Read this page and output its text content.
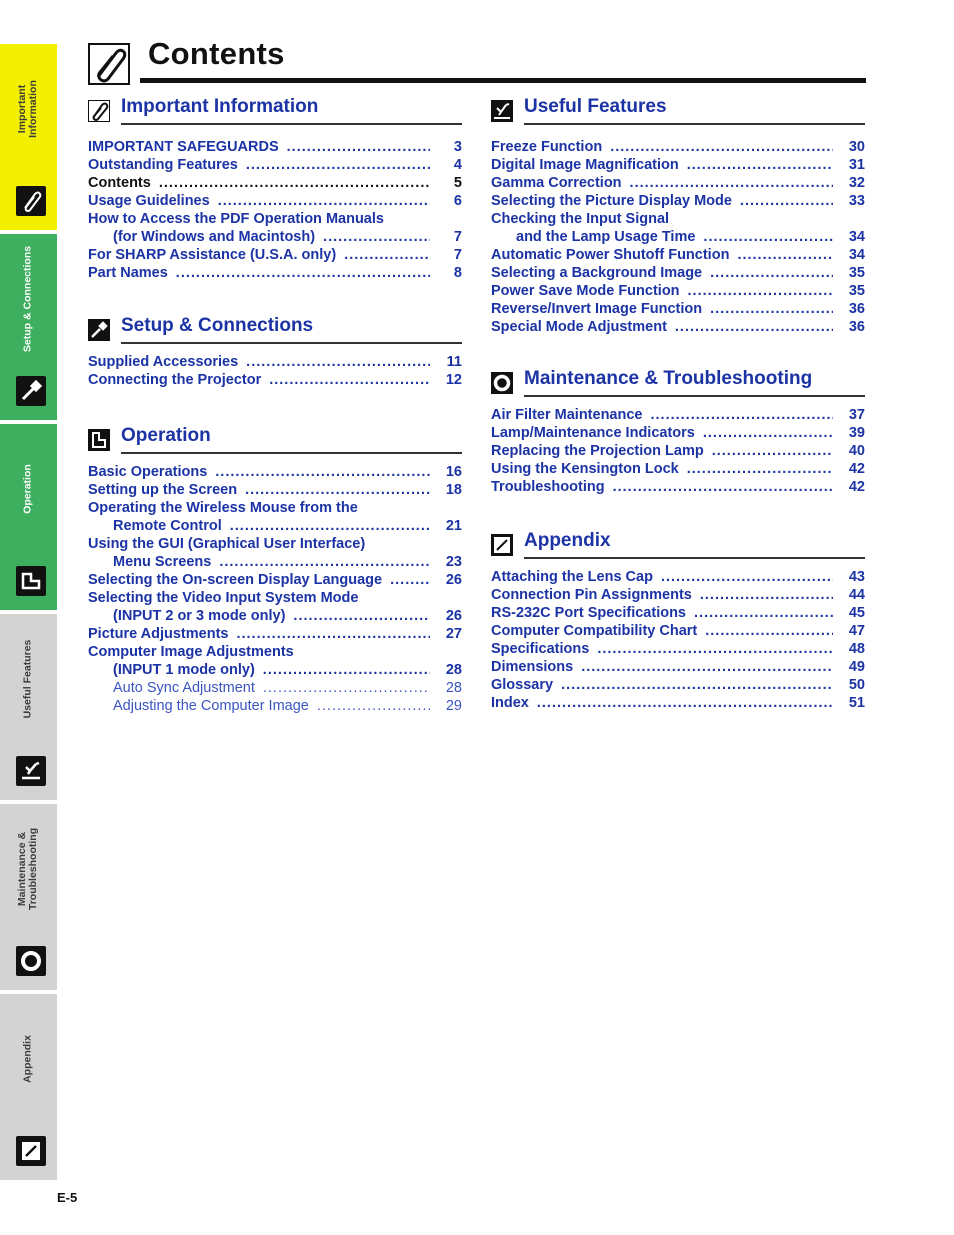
Important
Information
Setup & Connections
Operation
Useful Features
Maintenance &
Troubleshooting
Appendix
Contents
Important Information
IMPORTANT SAFEGUARDS .....	3
Outstanding Features .....	4
Contents .....	5
Usage Guidelines .....	6
How to Access the PDF Operation Manuals
(for Windows and Macintosh) .....	7
For SHARP Assistance (U.S.A. only) .....	7
Part Names .....	8
Setup & Connections
Supplied Accessories .....	11
Connecting the Projector .....	12
Operation
Basic Operations .....	16
Setting up the Screen .....	18
Operating the Wireless Mouse from the
Remote Control .....	21
Using the GUI (Graphical User Interface)
Menu Screens .....	23
Selecting the On-screen Display Language .....	26
Selecting the Video Input System Mode
(INPUT 2 or 3 mode only) .....	26
Picture Adjustments .....	27
Computer Image Adjustments
(INPUT 1 mode only) .....	28
Auto Sync Adjustment .....	28
Adjusting the Computer Image .....	29
Useful Features
Freeze Function .....	30
Digital Image Magnification .....	31
Gamma Correction .....	32
Selecting the Picture Display Mode .....	33
Checking the Input Signal
and the Lamp Usage Time .....	34
Automatic Power Shutoff Function .....	34
Selecting a Background Image .....	35
Power Save Mode Function .....	35
Reverse/Invert Image Function .....	36
Special Mode Adjustment .....	36
Maintenance & Troubleshooting
Air Filter Maintenance .....	37
Lamp/Maintenance Indicators .....	39
Replacing the Projection Lamp .....	40
Using the Kensington Lock .....	42
Troubleshooting .....	42
Appendix
Attaching the Lens Cap .....	43
Connection Pin Assignments .....	44
RS-232C Port Specifications .....	45
Computer Compatibility Chart .....	47
Specifications .....	48
Dimensions .....	49
Glossary .....	50
Index .....	51
E-5
